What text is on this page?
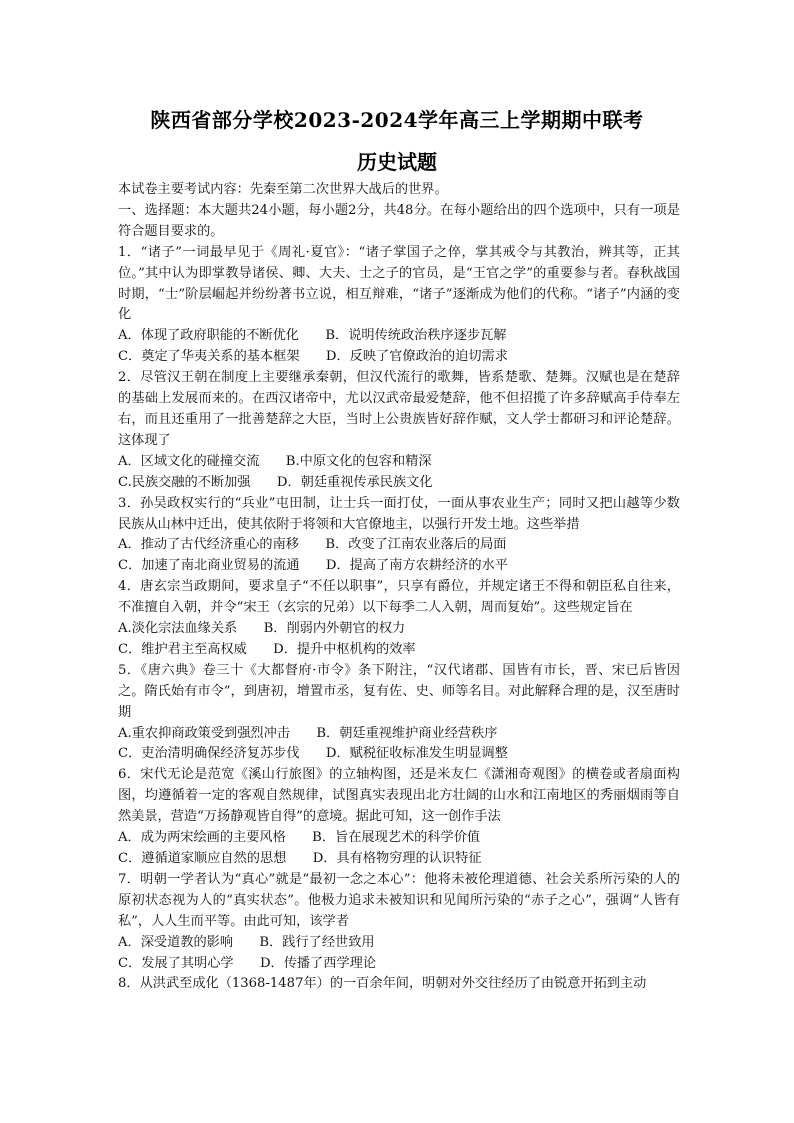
陕西省部分学校2023-2024学年高三上学期期中联考
历史试题

本试卷主要考试内容：先秦至第二次世界大战后的世界。

一、选择题：本大题共24小题，每小题2分，共48分。在每小题给出的四个选项中，只有一项是符合题目要求的。

1．“诸子”一词最早见于《周礼·夏官》：“诸子掌国子之倅，掌其戒令与其教治，辨其等，正其位。”其中认为即掌教导诸侯、卿、大夫、士之子的官员，是“王官之学”的重要参与者。春秋战国时期，“士”阶层崛起并纷纷著书立说，相互辩难，“诸子”逐渐成为他们的代称。“诸子”内涵的变化

A．体现了政府职能的不断优化　　B．说明传统政治秩序逐步瓦解

C．奠定了华夷关系的基本框架　　D．反映了官僚政治的迫切需求

2．尽管汉王朝在制度上主要继承秦朝，但汉代流行的歌舞，皆系楚歌、楚舞。汉赋也是在楚辞的基础上发展而来的。在西汉诸帝中，尤以汉武帝最爱楚辞，他不但招揽了许多辞赋高手侍奉左右，而且还重用了一批善楚辞之大臣，当时上公贵族皆好辞作赋，文人学士都研习和评论楚辞。这体现了

A．区域文化的碰撞交流　　B.中原文化的包容和精深

C.民族交融的不断加强　　D．朝廷重视传承民族文化

3．孙吴政权实行的“兵业”屯田制，让士兵一面打仗，一面从事农业生产；同时又把山越等少数民族从山林中迁出，使其依附于将领和大官僚地主，以强行开发土地。这些举措

A．推动了古代经济重心的南移　　B．改变了江南农业落后的局面

C．加速了南北商业贸易的流通　　D．提高了南方农耕经济的水平

4．唐玄宗当政期间，要求皇子“不任以职事”，只享有爵位，并规定诸王不得和朝臣私自往来，不准擅自入朝，并令“宋王（玄宗的兄弟）以下每季二人入朝，周而复始”。这些规定旨在

A.淡化宗法血缘关系　　B．削弱内外朝官的权力

C．维护君主至高权威　　D．提升中枢机构的效率

5．《唐六典》卷三十《大都督府·市令》条下附注，“汉代诸郡、国皆有市长，晋、宋已后皆因之。隋氏始有市令”，到唐初，增置市丞，复有佐、史、师等名目。对此解释合理的是，汉至唐时期

A.重农抑商政策受到强烈冲击　　B．朝廷重视维护商业经营秩序

C．吏治清明确保经济复苏步伐　　D．赋税征收标准发生明显调整

6．宋代无论是范宽《溪山行旅图》的立轴构图，还是米友仁《潇湘奇观图》的横卷或者扇面构图，均遵循着一定的客观自然规律，试图真实表现出北方壮阔的山水和江南地区的秀丽烟雨等自然美景，营造“万扬静观皆自得”的意境。据此可知，这一创作手法

A．成为两宋绘画的主要风格　　B．旨在展现艺术的科学价值

C．遵循道家顺应自然的思想　　D．具有格物穷理的认识特征

7．明朝一学者认为“真心”就是“最初一念之本心”：他将未被伦理道德、社会关系所污染的人的原初状态视为人的“真实状态”。他极力追求未被知识和见闻所污染的“赤子之心”，强调“人皆有私”，人人生而平等。由此可知，该学者

A．深受道教的影响　　B．践行了经世致用

C．发展了其明心学　　D．传播了西学理论

8．从洪武至成化（1368-1487年）的一百余年间，明朝对外交往经历了由锐意开拓到主动
